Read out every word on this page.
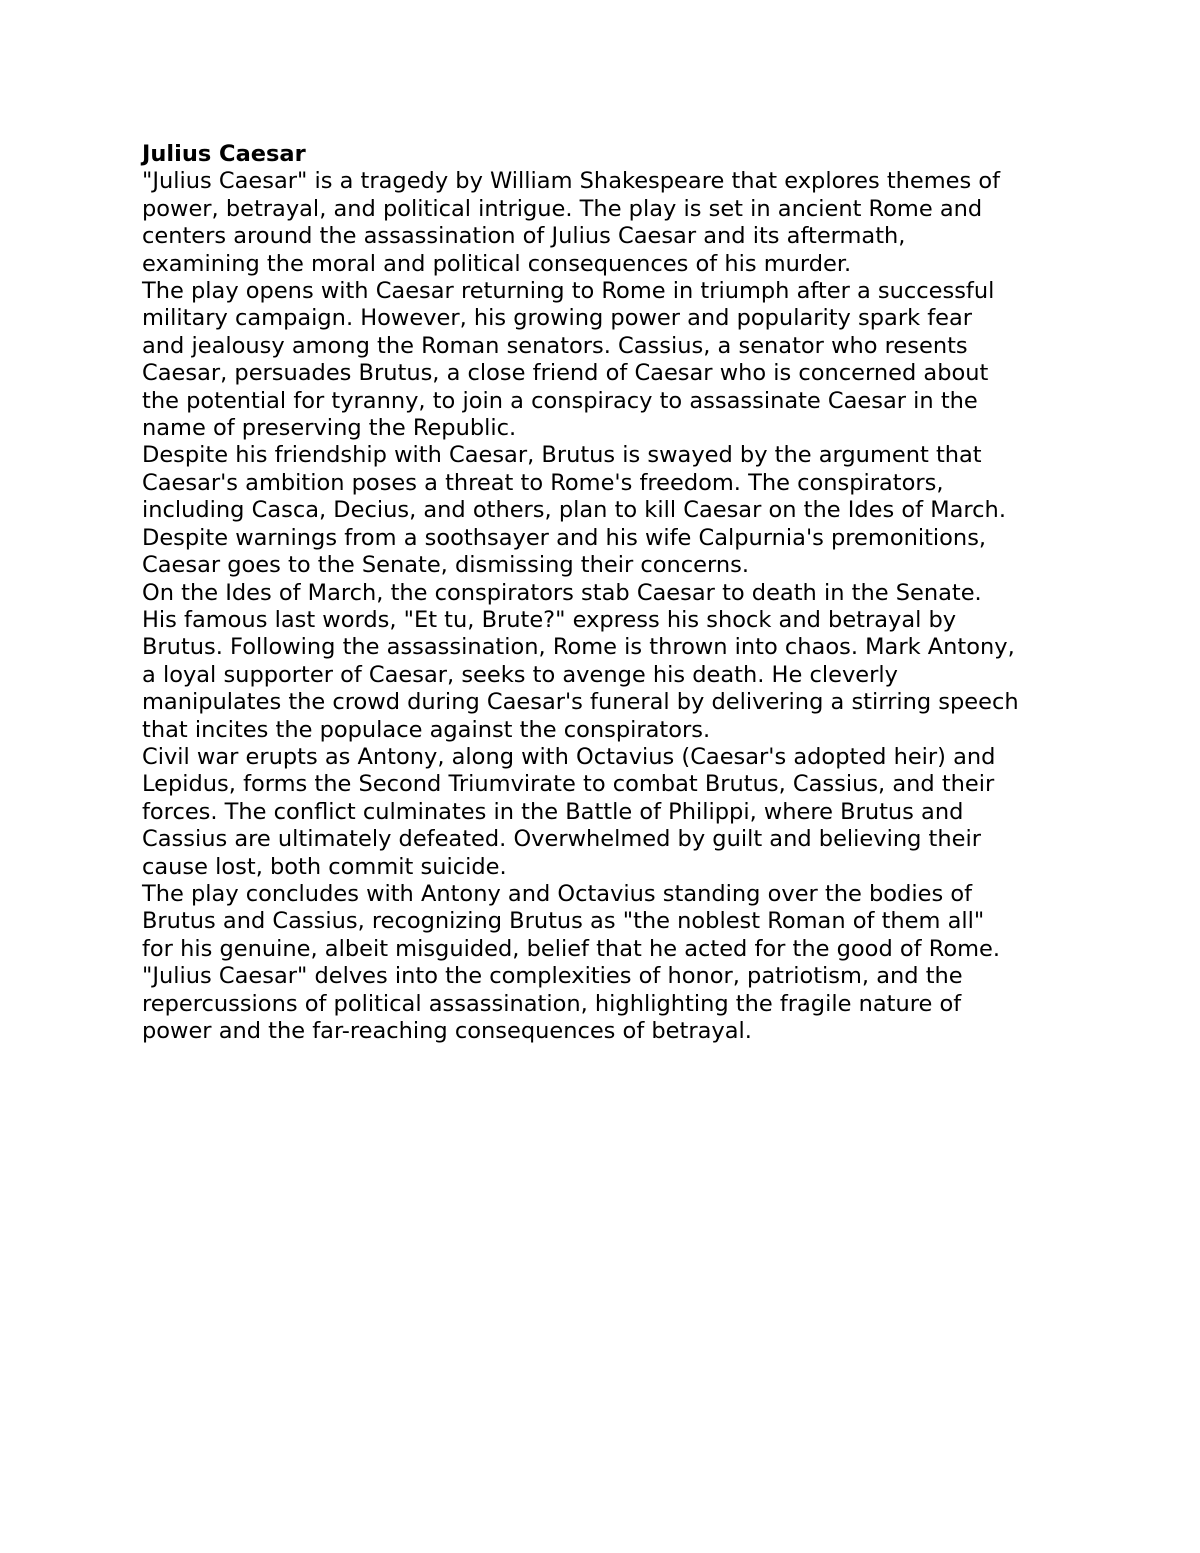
Julius Caesar

"Julius Caesar" is a tragedy by William Shakespeare that explores themes of

power, betrayal, and political intrigue. The play is set in ancient Rome and

centers around the assassination of Julius Caesar and its aftermath,

examining the moral and political consequences of his murder.

The play opens with Caesar returning to Rome in triumph after a successful

military campaign. However, his growing power and popularity spark fear

and jealousy among the Roman senators. Cassius, a senator who resents

Caesar, persuades Brutus, a close friend of Caesar who is concerned about

the potential for tyranny, to join a conspiracy to assassinate Caesar in the

name of preserving the Republic.

Despite his friendship with Caesar, Brutus is swayed by the argument that

Caesar's ambition poses a threat to Rome's freedom. The conspirators,

including Casca, Decius, and others, plan to kill Caesar on the Ides of March.

Despite warnings from a soothsayer and his wife Calpurnia's premonitions,

Caesar goes to the Senate, dismissing their concerns.

On the Ides of March, the conspirators stab Caesar to death in the Senate.

His famous last words, "Et tu, Brute?" express his shock and betrayal by

Brutus. Following the assassination, Rome is thrown into chaos. Mark Antony,

a loyal supporter of Caesar, seeks to avenge his death. He cleverly

manipulates the crowd during Caesar's funeral by delivering a stirring speech

that incites the populace against the conspirators.

Civil war erupts as Antony, along with Octavius (Caesar's adopted heir) and

Lepidus, forms the Second Triumvirate to combat Brutus, Cassius, and their

forces. The conflict culminates in the Battle of Philippi, where Brutus and

Cassius are ultimately defeated. Overwhelmed by guilt and believing their

cause lost, both commit suicide.

The play concludes with Antony and Octavius standing over the bodies of

Brutus and Cassius, recognizing Brutus as "the noblest Roman of them all"

for his genuine, albeit misguided, belief that he acted for the good of Rome.

"Julius Caesar" delves into the complexities of honor, patriotism, and the

repercussions of political assassination, highlighting the fragile nature of

power and the far-reaching consequences of betrayal.
